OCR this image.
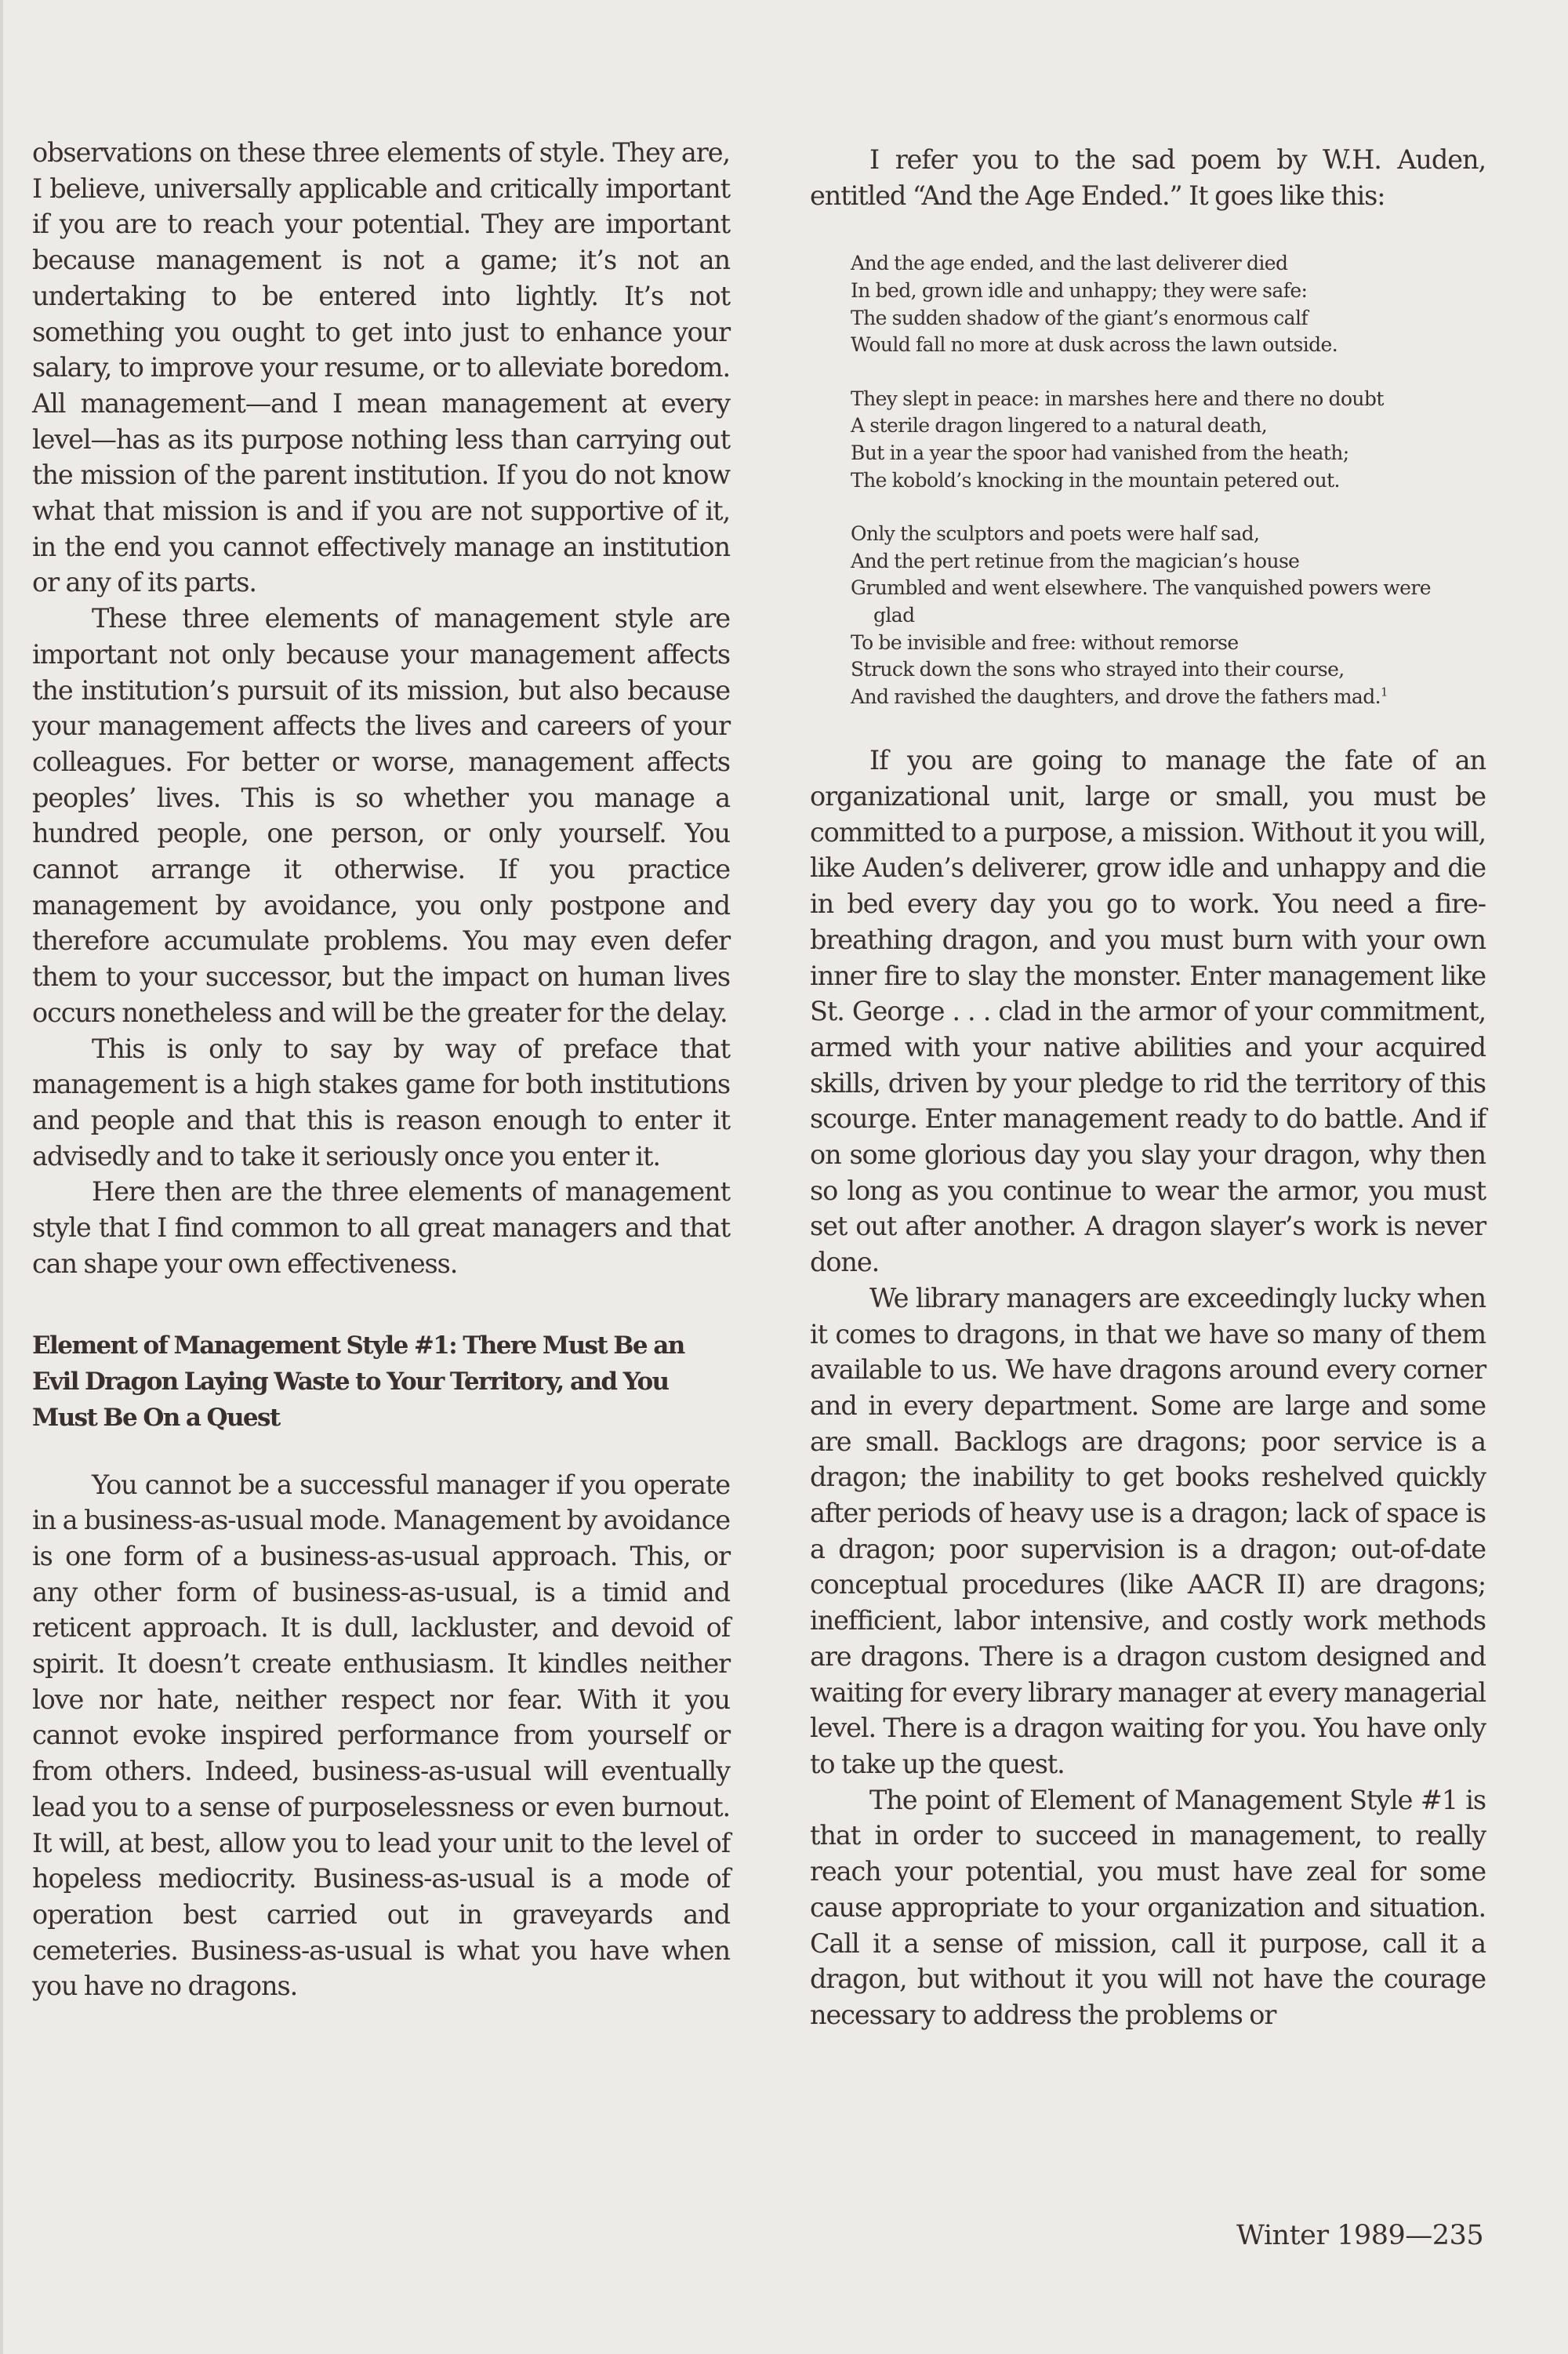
observations on these three elements of style. They are, I believe, universally applicable and critically important if you are to reach your potential. They are important because management is not a game; it’s not an undertaking to be entered into lightly. It’s not something you ought to get into just to enhance your salary, to improve your resume, or to alleviate boredom. All management—and I mean management at every level—has as its purpose nothing less than carrying out the mission of the parent institution. If you do not know what that mission is and if you are not supportive of it, in the end you cannot effectively manage an institution or any of its parts.

These three elements of management style are important not only because your management affects the institution’s pursuit of its mission, but also because your management affects the lives and careers of your colleagues. For better or worse, management affects peoples’ lives. This is so whether you manage a hundred people, one person, or only yourself. You cannot arrange it otherwise. If you practice management by avoidance, you only postpone and therefore accumulate problems. You may even defer them to your successor, but the impact on human lives occurs nonetheless and will be the greater for the delay.

This is only to say by way of preface that management is a high stakes game for both institutions and people and that this is reason enough to enter it advisedly and to take it seriously once you enter it.

Here then are the three elements of management style that I find common to all great managers and that can shape your own effectiveness.

Element of Management Style #1: There Must Be an Evil Dragon Laying Waste to Your Territory, and You Must Be On a Quest

You cannot be a successful manager if you operate in a business-as-usual mode. Management by avoidance is one form of a business-as-usual approach. This, or any other form of business-as-usual, is a timid and reticent approach. It is dull, lackluster, and devoid of spirit. It doesn’t create enthusiasm. It kindles neither love nor hate, neither respect nor fear. With it you cannot evoke inspired performance from yourself or from others. Indeed, business-as-usual will eventually lead you to a sense of purposelessness or even burnout. It will, at best, allow you to lead your unit to the level of hopeless mediocrity. Business-as-usual is a mode of operation best carried out in graveyards and cemeteries. Business-as-usual is what you have when you have no dragons.

I refer you to the sad poem by W.H. Auden, entitled “And the Age Ended.” It goes like this:

And the age ended, and the last deliverer died
In bed, grown idle and unhappy; they were safe:
The sudden shadow of the giant’s enormous calf
Would fall no more at dusk across the lawn outside.
They slept in peace: in marshes here and there no doubt
A sterile dragon lingered to a natural death,
But in a year the spoor had vanished from the heath;
The kobold’s knocking in the mountain petered out.
Only the sculptors and poets were half sad,
And the pert retinue from the magician’s house
Grumbled and went elsewhere. The vanquished powers were
glad
To be invisible and free: without remorse
Struck down the sons who strayed into their course,
And ravished the daughters, and drove the fathers mad.$^1$

If you are going to manage the fate of an organizational unit, large or small, you must be committed to a purpose, a mission. Without it you will, like Auden’s deliverer, grow idle and unhappy and die in bed every day you go to work. You need a fire-breathing dragon, and you must burn with your own inner fire to slay the monster. Enter management like St. George . . . clad in the armor of your commitment, armed with your native abilities and your acquired skills, driven by your pledge to rid the territory of this scourge. Enter management ready to do battle. And if on some glorious day you slay your dragon, why then so long as you continue to wear the armor, you must set out after another. A dragon slayer’s work is never done.

We library managers are exceedingly lucky when it comes to dragons, in that we have so many of them available to us. We have dragons around every corner and in every department. Some are large and some are small. Backlogs are dragons; poor service is a dragon; the inability to get books reshelved quickly after periods of heavy use is a dragon; lack of space is a dragon; poor supervision is a dragon; out-of-date conceptual procedures (like AACR II) are dragons; inefficient, labor intensive, and costly work methods are dragons. There is a dragon custom designed and waiting for every library manager at every managerial level. There is a dragon waiting for you. You have only to take up the quest.

The point of Element of Management Style #1 is that in order to succeed in management, to really reach your potential, you must have zeal for some cause appropriate to your organization and situation. Call it a sense of mission, call it purpose, call it a dragon, but without it you will not have the courage necessary to address the problems or

Winter 1989—235
